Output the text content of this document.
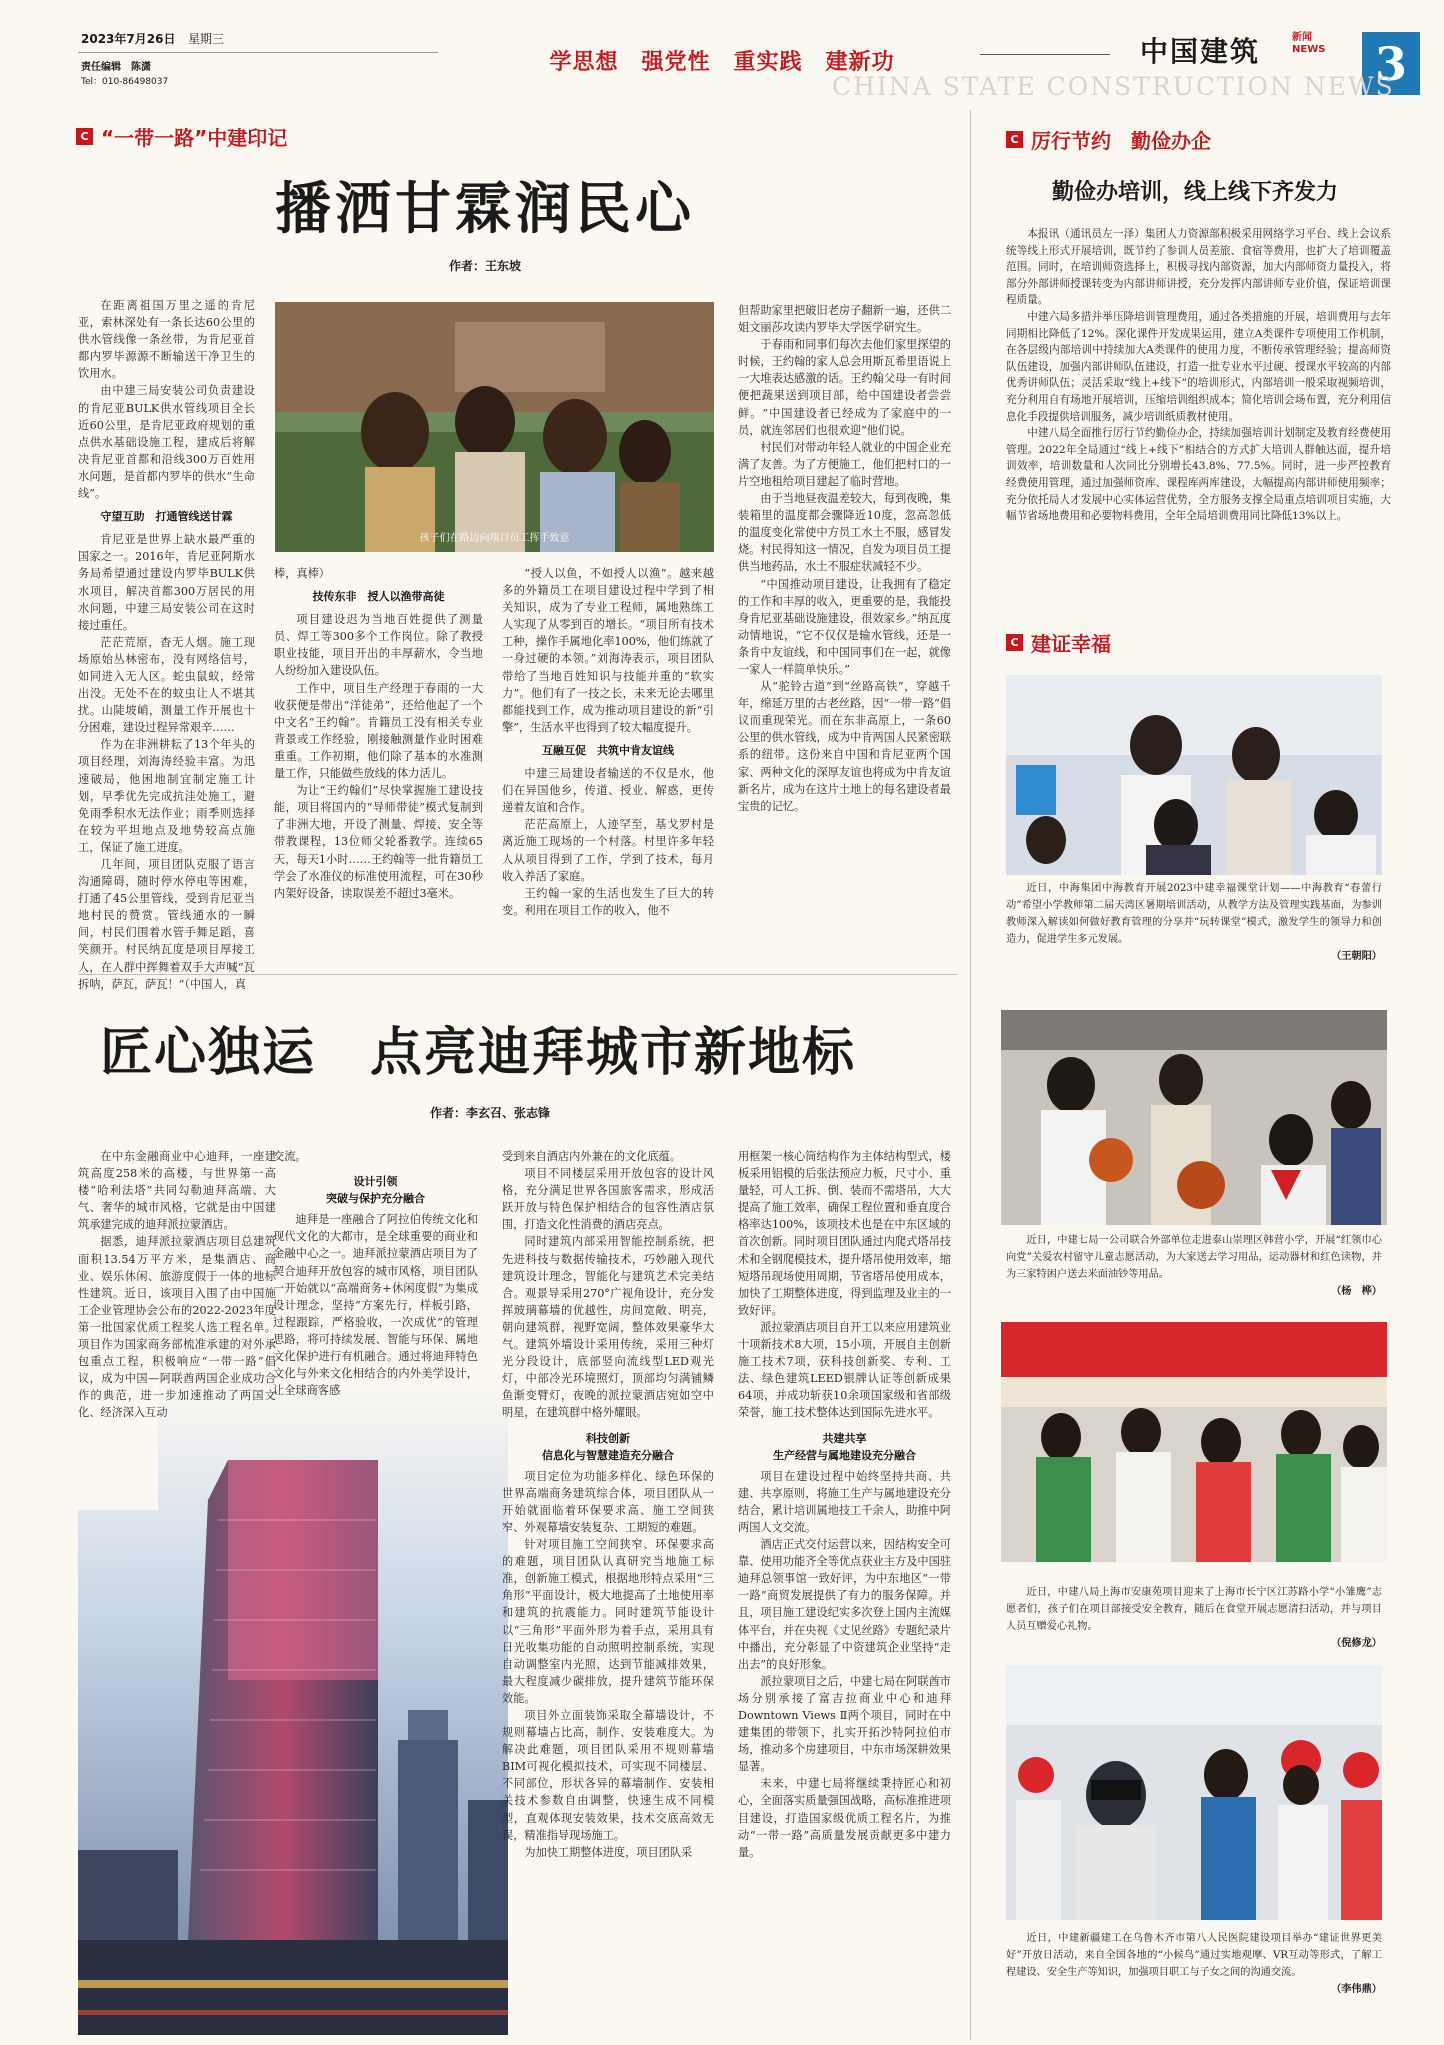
2023年7月26日 星期三
责任编辑　陈潇
Tel：010-86498037
学思想　强党性　重实践　建新功	中国建筑	新闻
NEWS 3
CHINA STATE CONSTRUCTION NEWS
C “一带一路”中建印记
播洒甘霖润民心
作者：王东坡

在距离祖国万里之遥的肯尼亚，索林深处有一条长达60公里的供水管线像一条丝带，为肯尼亚首都内罗毕源源不断输送干净卫生的饮用水。

由中建三局安装公司负责建设的肯尼亚BULK供水管线项目全长近60公里，是肯尼亚政府规划的重点供水基础设施工程，建成后将解决肯尼亚首都和沿线300万百姓用水问题，是首都内罗毕的供水“生命线”。

守望互助　打通管线送甘霖

肯尼亚是世界上缺水最严重的国家之一。2016年，肯尼亚阿斯水务局希望通过建设内罗毕BULK供水项目，解决首都300万居民的用水问题，中建三局安装公司在这时接过重任。

茫茫荒原，杳无人烟。施工现场原始丛林密布，没有网络信号，如同进入无人区。蛇虫鼠蚁，经常出没。无处不在的蚊虫让人不堪其扰。山陡坡峭，测量工作开展也十分困难，建设过程异常艰辛……

作为在非洲耕耘了13个年头的项目经理，刘海涛经验丰富。为迅速破局，他困地制宜制定施工计划，早季优先完成抗洼处施工，避免雨季积水无法作业；雨季则选择在较为平坦地点及地势较高点施工，保证了施工进度。

几年间，项目团队克服了语言沟通障碍，随时停水停电等困难，打通了45公里管线，受到肯尼亚当地村民的赞赏。管线通水的一瞬间，村民们围着水管手舞足蹈，喜笑颜开。村民纳瓦度是项目厚接工人，在人群中挥舞着双手大声喊“瓦拆呐，萨瓦，萨瓦！”（中国人，真

孩子们在路边向项目员工挥手致意

棒，真棒）

技传东非　授人以渔带高徒

项目建设迟为当地百姓提供了测量员、焊工等300多个工作岗位。除了教授职业技能，项目开出的丰厚薪水，令当地人纷纷加入建设队伍。

工作中，项目生产经理于春雨的一大收获便是带出“洋徒弟”，还给他起了一个中文名“王约翰”。肯籍员工没有相关专业背景或工作经验，刚接触测量作业时困难重重。工作初期，他们除了基本的水准测量工作，只能做些放线的体力活儿。

为让“王约翰们”尽快掌握施工建设技能，项目将国内的“导师带徒”模式复制到了非洲大地，开设了测量、焊接、安全等带教课程，13位师父轮番教学。连续65天，每天1小时……王约翰等一批肯籍员工学会了水准仪的标准使用流程，可在30秒内架好设备，读取误差不超过3毫米。

“授人以鱼，不如授人以渔”。越来越多的外籍员工在项目建设过程中学到了相关知识，成为了专业工程师，属地熟练工人实现了从零到百的增长。“项目所有技术工种，操作手属地化率100%，他们练就了一身过硬的本领。”刘海涛表示，项目团队带给了当地百姓知识与技能并重的“软实力”。他们有了一技之长，未来无论去哪里都能找到工作，成为推动项目建设的新“引擎”，生活水平也得到了较大幅度提升。

互融互促　共筑中肯友谊线

中建三局建设者输送的不仅是水，他们在异国他乡，传道、授业、解惑，更传递着友谊和合作。

茫茫高原上，人迹罕至，基戈罗村是离近施工现场的一个村落。村里许多年轻人从项目得到了工作，学到了技术，每月收入养活了家庭。

王约翰一家的生活也发生了巨大的转变。利用在项目工作的收入，他不

但帮助家里把破旧老房子翻新一遍，还供二姐文丽莎攻读内罗毕大学医学研究生。

于春雨和同事们每次去他们家里探望的时候，王约翰的家人总会用斯瓦希里语说上一大堆表达感激的话。王约翰父母一有时间便把蔬果送到项目部，给中国建设者尝尝鲜。“中国建设者已经成为了家庭中的一员，就连邻居们也很欢迎”他们说。

村民们对带动年轻人就业的中国企业充满了友善。为了方便施工，他们把村口的一片空地租给项目建起了临时营地。

由于当地昼夜温差较大，每到夜晚，集装箱里的温度都会骤降近10度，忽高忽低的温度变化常使中方员工水土不服，感冒发烧。村民得知这一情况，自发为项目员工提供当地药品，水土不服症状减轻不少。

“中国推动项目建设，让我拥有了稳定的工作和丰厚的收入，更重要的是，我能投身肯尼亚基础设施建设，很效家乡。”纳瓦度动情地说，“它不仅仅是输水管线，还是一条肯中友谊线，和中国同事们在一起，就像一家人一样简单快乐。”

从“驼铃古道”到“丝路高铁”，穿越千年，绵延万里的古老丝路，因“一带一路”倡议而重现荣光。而在东非高原上，一条60公里的供水管线，成为中肯两国人民紧密联系的纽带。这份来自中国和肯尼亚两个国家、两种文化的深厚友谊也将成为中肯友谊新名片，成为在这片土地上的每名建设者最宝贵的记忆。

匠心独运　点亮迪拜城市新地标
作者：李玄召、张志锋

在中东金融商业中心迪拜，一座建筑高度258米的高楼，与世界第一高楼“哈利法塔”共同勾勒迪拜高端、大气、奢华的城市风格，它就是由中国建筑承建完成的迪拜派拉蒙酒店。

据悉，迪拜派拉蒙酒店项目总建筑面积13.54万平方米，是集酒店、商业、娱乐休闲、旅游度假于一体的地标性建筑。近日，该项目入围了由中国施工企业管理协会公布的2022-2023年度第一批国家优质工程奖人选工程名单。项目作为国家商务部梳准承建的对外承包重点工程，积极响应“一带一路”倡议，成为中国—阿联酋两国企业成功合作的典范，进一步加速推动了两国文化、经济深入互动

交流。

设计引领
突破与保护充分融合

迪拜是一座融合了阿拉伯传统文化和现代文化的大都市，是全球重要的商业和金融中心之一。迪拜派拉蒙酒店项目为了契合迪拜开放包容的城市风格，项目团队一开始就以“高端商务+休闲度假”为集成设计理念，坚持“方案先行，样板引路，过程跟踪，严格验收，一次成优”的管理思路，将可持续发展、智能与环保、属地文化保护进行有机融合。通过将迪拜特色文化与外来文化相结合的内外美学设计，让全球商客感

受到来自酒店内外兼在的文化底蕴。

项目不同楼层采用开放包容的设计风格，充分满足世界各国旅客需求，形成活跃开放与特色保护相结合的包容性酒店氛围，打造文化性消费的酒店亮点。

同时建筑内部采用智能控制系统，把先进科技与数据传输技术，巧妙融入现代建筑设计理念，智能化与建筑艺术完美结合。观景导采用270°广视角设计，充分发挥玻璃幕墙的优越性，房间宽敞、明亮，朝向建筑群，视野宽阔，整体效果豪华大气。建筑外墙设计采用传统，采用三种灯光分段设计，底部竖向流线型LED观光灯，中部冷光环境照灯，顶部均匀满铺鳞鱼渐变臂灯，夜晚的派拉蒙酒店宛如空中明星，在建筑群中格外耀眼。

科技创新
信息化与智慧建造充分融合

项目定位为功能多样化、绿色环保的世界高端商务建筑综合体，项目团队从一开始就面临着环保要求高、施工空间狭窄、外观幕墙安装复杂、工期短的难题。

针对项目施工空间狭窄、环保要求高的难题，项目团队认真研究当地施工标准，创新施工模式，根据地形特点采用“三角形”平面设计，极大地提高了土地使用率和建筑的抗震能力。同时建筑节能设计以“三角形”平面外形为着手点，采用具有日光收集功能的自动照明控制系统，实现自动调整室内光照，达到节能减排效果，最大程度减少碳排放，提升建筑节能环保效能。

项目外立面装饰采取全幕墙设计，不规则幕墙占比高，制作、安装难度大。为解决此难题，项目团队采用不规则幕墙BIM可视化模拟技术，可实现不同楼层、不同部位，形状各异的幕墙制作、安装相关技术参数自由调整，快速生成不同模型，直观体现安装效果，技术交底高效无误，精准指导现场施工。

为加快工期整体进度，项目团队采

用框架一核心筒结构作为主体结构型式，楼板采用铝模的后张法预应力板，尺寸小、重量轻，可人工拆、倒、装而不需塔吊，大大提高了施工效率，确保工程位置和垂直度合格率达100%，该项技术也是在中东区域的首次创新。同时项目团队通过内爬式塔吊技术和全钢爬模技术，提升塔吊使用效率，缩短塔吊现场使用周期，节省塔吊使用成本，加快了工期整体进度，得到监理及业主的一致好评。

派拉蒙酒店项目自开工以来应用建筑业十项新技术8大项，15小项，开展自主创新施工技术7项，获科技创新奖、专利、工法、绿色建筑LEED银牌认证等创新成果64项，并成功斩获10余项国家级和省部级荣誉，施工技术整体达到国际先进水平。

共建共享
生产经营与属地建设充分融合

项目在建设过程中始终坚持共商、共建、共享原则，将施工生产与属地建设充分结合，累计培训属地技工千余人，助推中阿两国人文交流。

酒店正式交付运营以来，因结构安全可靠、使用功能齐全等优点获业主方及中国驻迪拜总领事馆一致好评，为中东地区“一带一路”商贸发展提供了有力的服务保障。并且，项目施工建设纪实多次登上国内主流媒体平台，并在央视《丈见丝路》专题纪录片中播出，充分彰显了中资建筑企业坚持“走出去”的良好形象。

派拉蒙项目之后，中建七局在阿联酋市场分别承接了富吉拉商业中心和迪拜Downtown Views Ⅱ两个项目，同时在中建集团的带领下，扎实开拓沙特阿拉伯市场，推动多个房建项目，中东市场深耕效果显著。

未来，中建七局将继续秉持匠心和初心，全面落实质量强国战略，高标准推进项目建设，打造国家级优质工程名片，为推动“一带一路”高质量发展贡献更多中建力量。

C 厉行节约　勤俭办企
勤俭办培训，线上线下齐发力

本报讯（通讯员左一泽）集团人力资源部积极采用网络学习平台、线上会议系统等线上形式开展培训，既节约了参训人员差旅、食宿等费用，也扩大了培训覆盖范围。同时，在培训师资选择上，积极寻找内部资源，加大内部师资力量投入，将部分外部讲师授课转变为内部讲师讲授，充分发挥内部讲师专业价值，保证培训课程质量。

中建六局多措并举压降培训管理费用，通过各类措施的开展，培训费用与去年同期相比降低了12%。深化课件开发成果运用，建立A类课件专项使用工作机制，在各层级内部培训中持续加大A类课件的使用力度，不断传承管理经验；提高师资队伍建设，加强内部讲师队伍建设，打造一批专业水平过硬、授课水平较高的内部优秀讲师队伍；灵活采取“线上+线下”的培训形式，内部培训一般采取视频培训，充分利用自有场地开展培训，压缩培训组织成本；简化培训会场布置，充分利用信息化手段提供培训服务，减少培训纸质教材使用。

中建八局全面推行厉行节约勤俭办企，持续加强培训计划制定及教育经费使用管理。2022年全局通过“线上+线下”相结合的方式扩大培训人群触达面，提升培训效率，培训数量和人次同比分别增长43.8%、77.5%。同时，进一步严控教育经费使用管理，通过加强师资库、课程库两库建设，大幅提高内部讲师使用频率；充分依托局人才发展中心实体运营优势，全方服务支撑全局重点培训项目实施，大幅节省场地费用和必要物料费用，全年全局培训费用同比降低13%以上。

C 建证幸福

近日，中海集团中海教育开展2023中建幸福课堂计划——中海教育“春蕾行动”希望小学教师第二届天湾区暑期培训活动，从教学方法及管理实践基面，为参训教师深入解读如何做好教育管理的分享并“玩转课堂”模式，激发学生的领导力和创造力，促进学生多元发展。

（王朝阳）

近日，中建七局一公司联合外部单位走进泰山崇理区韩营小学，开展“红领巾心向党”关爱农村留守儿童志愿活动，为大家送去学习用品，运动器材和红色读物，并为三家特困户送去米面油钞等用品。

（杨　桦）

近日，中建八局上海市安康苑项目迎来了上海市长宁区江苏路小学“小雏鹰”志愿者们，孩子们在项目部接受安全教育，随后在食堂开展志愿清扫活动，并与项目人员互赠爱心礼物。

（倪修龙）

近日，中建新疆建工在乌鲁木齐市第八人民医院建设项目举办“建证世界更美好”开放日活动，来自全国各地的“小候鸟”通过实地观摩、VR互动等形式，了解工程建设、安全生产等知识，加强项目职工与子女之间的沟通交流。

（李伟鼎）
